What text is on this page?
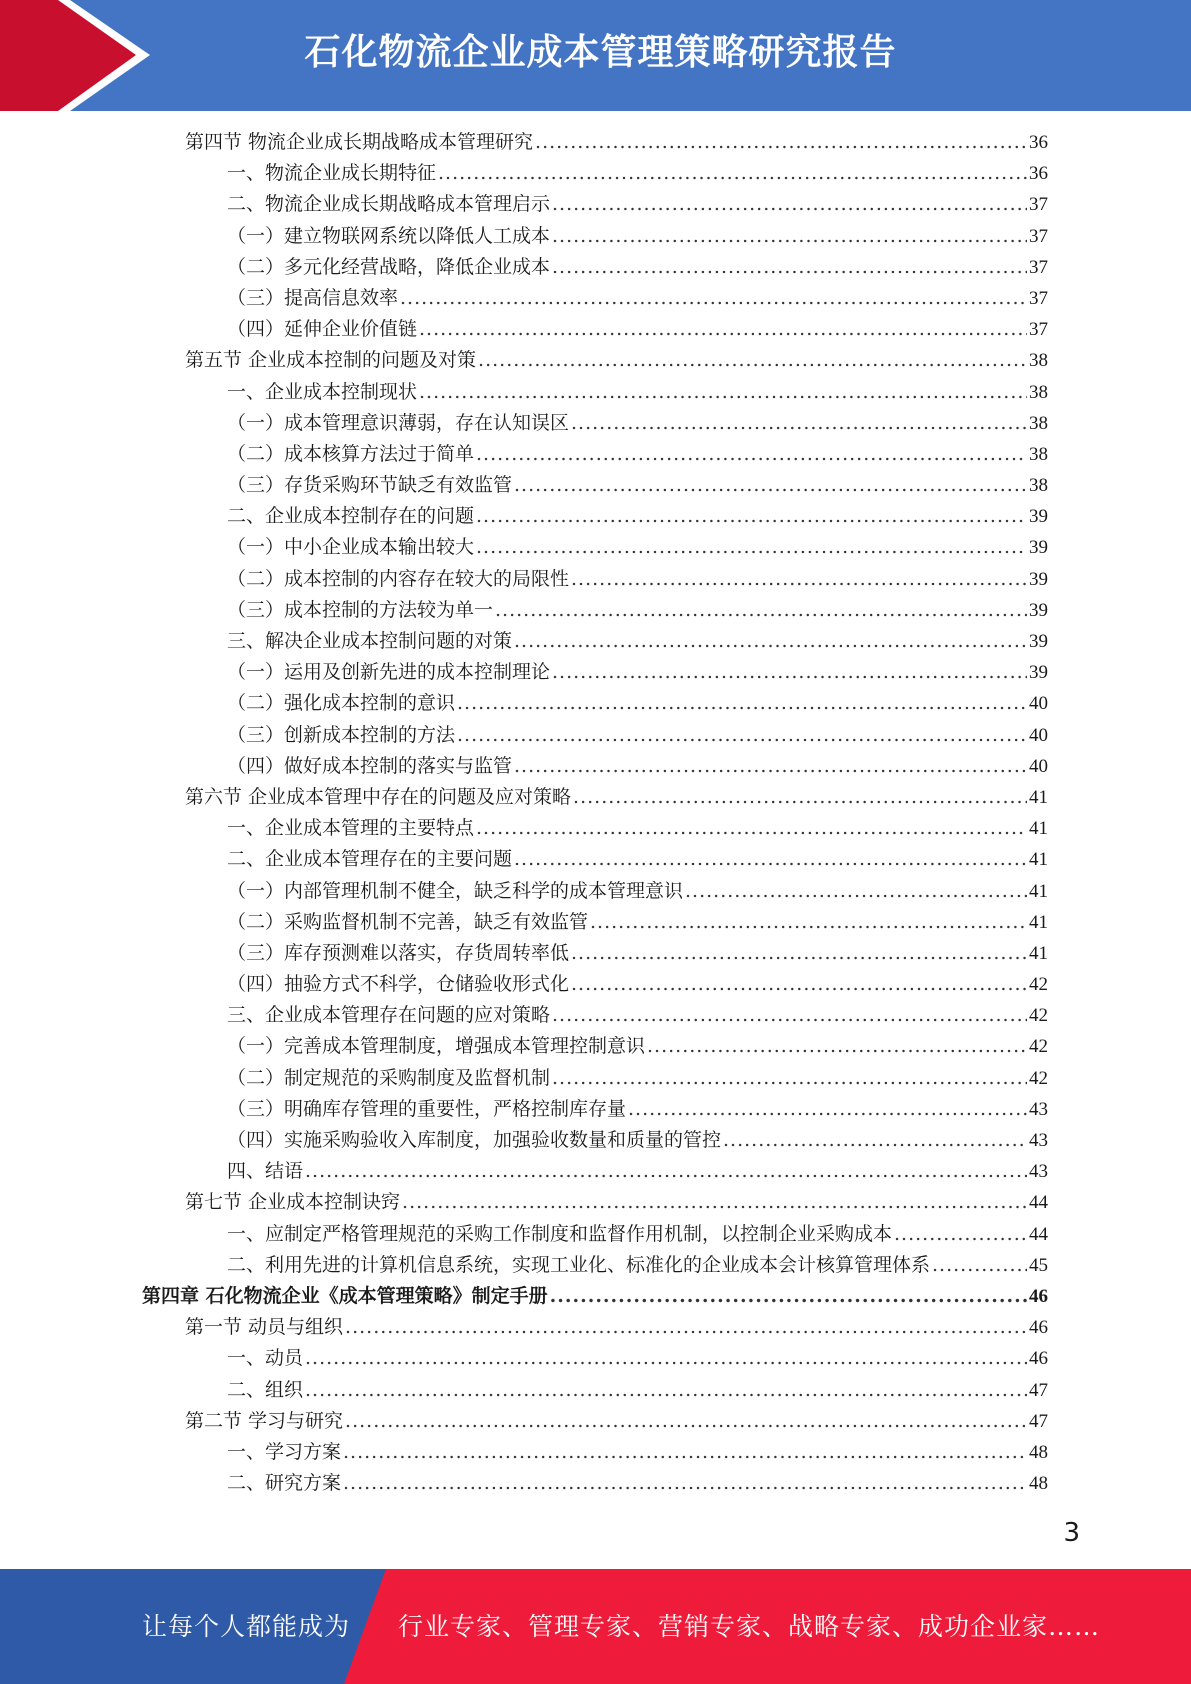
石化物流企业成本管理策略研究报告
第四节 物流企业成长期战略成本管理研究 .....	36
一、物流企业成长期特征 .....	36
二、物流企业成长期战略成本管理启示 .....	37
（一）建立物联网系统以降低人工成本 .....	37
（二）多元化经营战略，降低企业成本 .....	37
（三）提高信息效率 .....	37
（四）延伸企业价值链 .....	37
第五节 企业成本控制的问题及对策 .....	38
一、企业成本控制现状 .....	38
（一）成本管理意识薄弱，存在认知误区 .....	38
（二）成本核算方法过于简单 .....	38
（三）存货采购环节缺乏有效监管 .....	38
二、企业成本控制存在的问题 .....	39
（一）中小企业成本输出较大 .....	39
（二）成本控制的内容存在较大的局限性 .....	39
（三）成本控制的方法较为单一 .....	39
三、解决企业成本控制问题的对策 .....	39
（一）运用及创新先进的成本控制理论 .....	39
（二）强化成本控制的意识 .....	40
（三）创新成本控制的方法 .....	40
（四）做好成本控制的落实与监管 .....	40
第六节 企业成本管理中存在的问题及应对策略 .....	41
一、企业成本管理的主要特点 .....	41
二、企业成本管理存在的主要问题 .....	41
（一）内部管理机制不健全，缺乏科学的成本管理意识 .....	41
（二）采购监督机制不完善，缺乏有效监管 .....	41
（三）库存预测难以落实，存货周转率低 .....	41
（四）抽验方式不科学，仓储验收形式化 .....	42
三、企业成本管理存在问题的应对策略 .....	42
（一）完善成本管理制度，增强成本管理控制意识 .....	42
（二）制定规范的采购制度及监督机制 .....	42
（三）明确库存管理的重要性，严格控制库存量 .....	43
（四）实施采购验收入库制度，加强验收数量和质量的管控 .....	43
四、结语 .....	43
第七节 企业成本控制诀窍 .....	44
一、应制定严格管理规范的采购工作制度和监督作用机制，以控制企业采购成本 .....	44
二、利用先进的计算机信息系统，实现工业化、标准化的企业成本会计核算管理体系 .....	45
第四章 石化物流企业《成本管理策略》制定手册 .....	46
第一节 动员与组织 .....	46
一、动员 .....	46
二、组织 .....	47
第二节 学习与研究 .....	47
一、学习方案 .....	48
二、研究方案 .....	48
3
让每个人都能成为 行业专家、管理专家、营销专家、战略专家、成功企业家……
